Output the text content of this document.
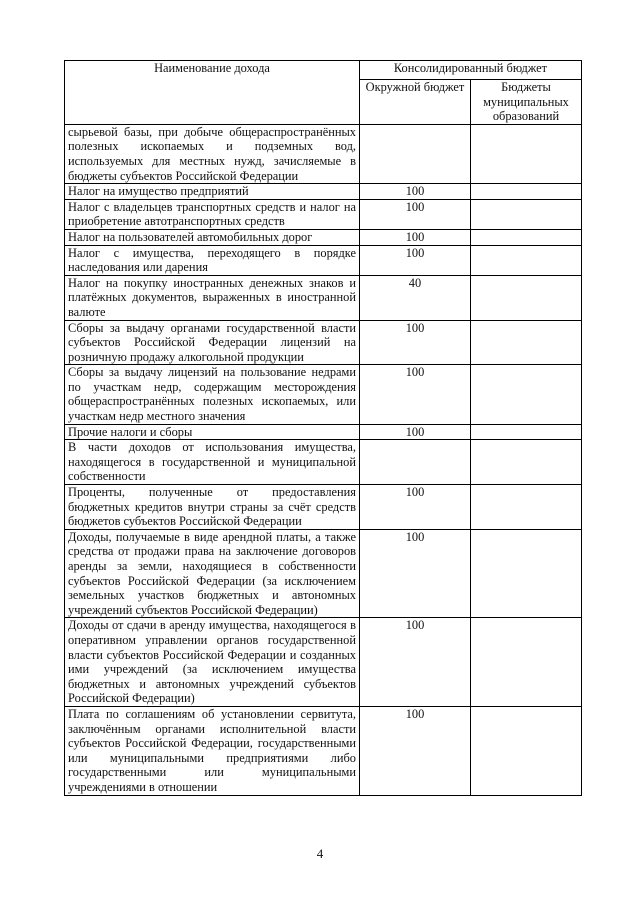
Наименование дохода	Консолидированный бюджет	
	Окружной бюджет	Бюджеты муниципальных образований
сырьевой базы, при добыче общераспространённых полезных ископаемых и подземных вод, используемых для местных нужд, зачисляемые в бюджеты субъектов Российской Федерации		
Налог на имущество предприятий	100	
Налог с владельцев транспортных средств и налог на приобретение автотранспортных средств	100	
Налог на пользователей автомобильных дорог	100	
Налог с имущества, переходящего в порядке наследования или дарения	100	
Налог на покупку иностранных денежных знаков и платёжных документов, выраженных в иностранной валюте	40	
Сборы за выдачу органами государственной власти субъектов Российской Федерации лицензий на розничную продажу алкогольной продукции	100	
Сборы за выдачу лицензий на пользование недрами по участкам недр, содержащим месторождения общераспространённых полезных ископаемых, или участкам недр местного значения	100	
Прочие налоги и сборы	100	
В части доходов от использования имущества, находящегося в государственной и муниципальной собственности		
Проценты, полученные от предоставления бюджетных кредитов внутри страны за счёт средств бюджетов субъектов Российской Федерации	100	
Доходы, получаемые в виде арендной платы, а также средства от продажи права на заключение договоров аренды за земли, находящиеся в собственности субъектов Российской Федерации (за исключением земельных участков бюджетных и автономных учреждений субъектов Российской Федерации)	100	
Доходы от сдачи в аренду имущества, находящегося в оперативном управлении органов государственной власти субъектов Российской Федерации и созданных ими учреждений (за исключением имущества бюджетных и автономных учреждений субъектов Российской Федерации)	100	
Плата по соглашениям об установлении сервитута, заключённым органами исполнительной власти субъектов Российской Федерации, государственными или муниципальными предприятиями либо государственными или муниципальными учреждениями в отношении	100	
4
